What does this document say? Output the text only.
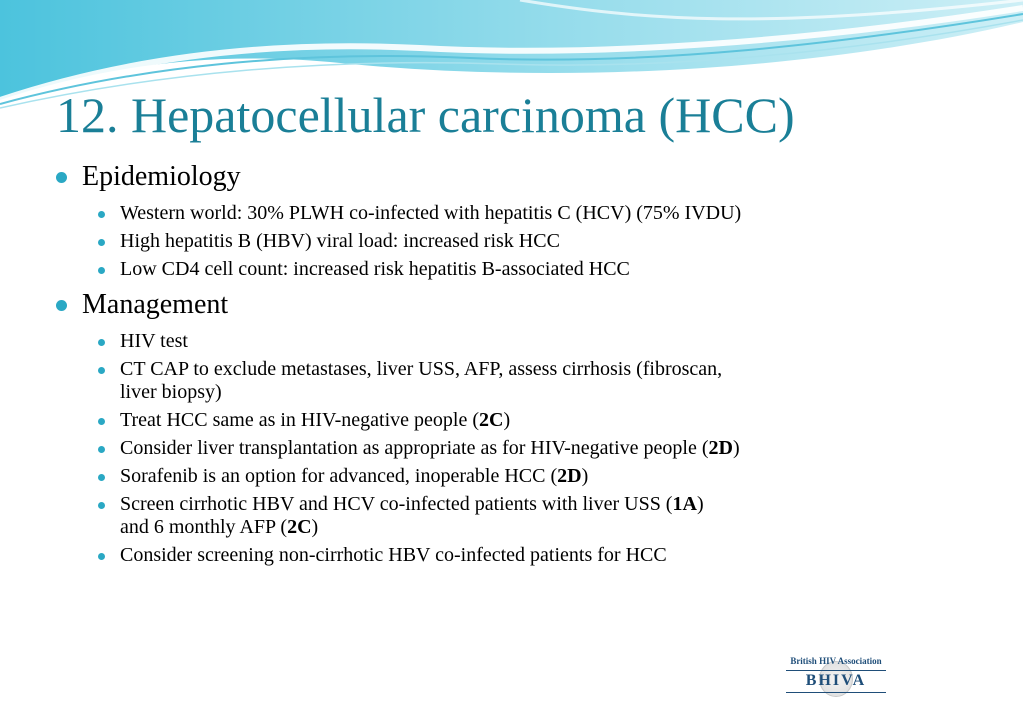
12. Hepatocellular carcinoma (HCC)
Epidemiology
Western world: 30% PLWH co-infected with hepatitis C (HCV) (75% IVDU)
High hepatitis B (HBV) viral load: increased risk HCC
Low CD4 cell count: increased risk hepatitis B-associated HCC
Management
HIV test
CT CAP to exclude metastases, liver USS, AFP, assess cirrhosis (fibroscan,
liver biopsy)
Treat HCC same as in HIV-negative people (2C)
Consider liver transplantation as appropriate as for HIV-negative people (2D)
Sorafenib is an option for advanced, inoperable HCC (2D)
Screen cirrhotic HBV and HCV co-infected patients with liver USS (1A)
and 6 monthly AFP (2C)
Consider screening non-cirrhotic HBV co-infected patients for HCC
British HIV Association
BHIVA
